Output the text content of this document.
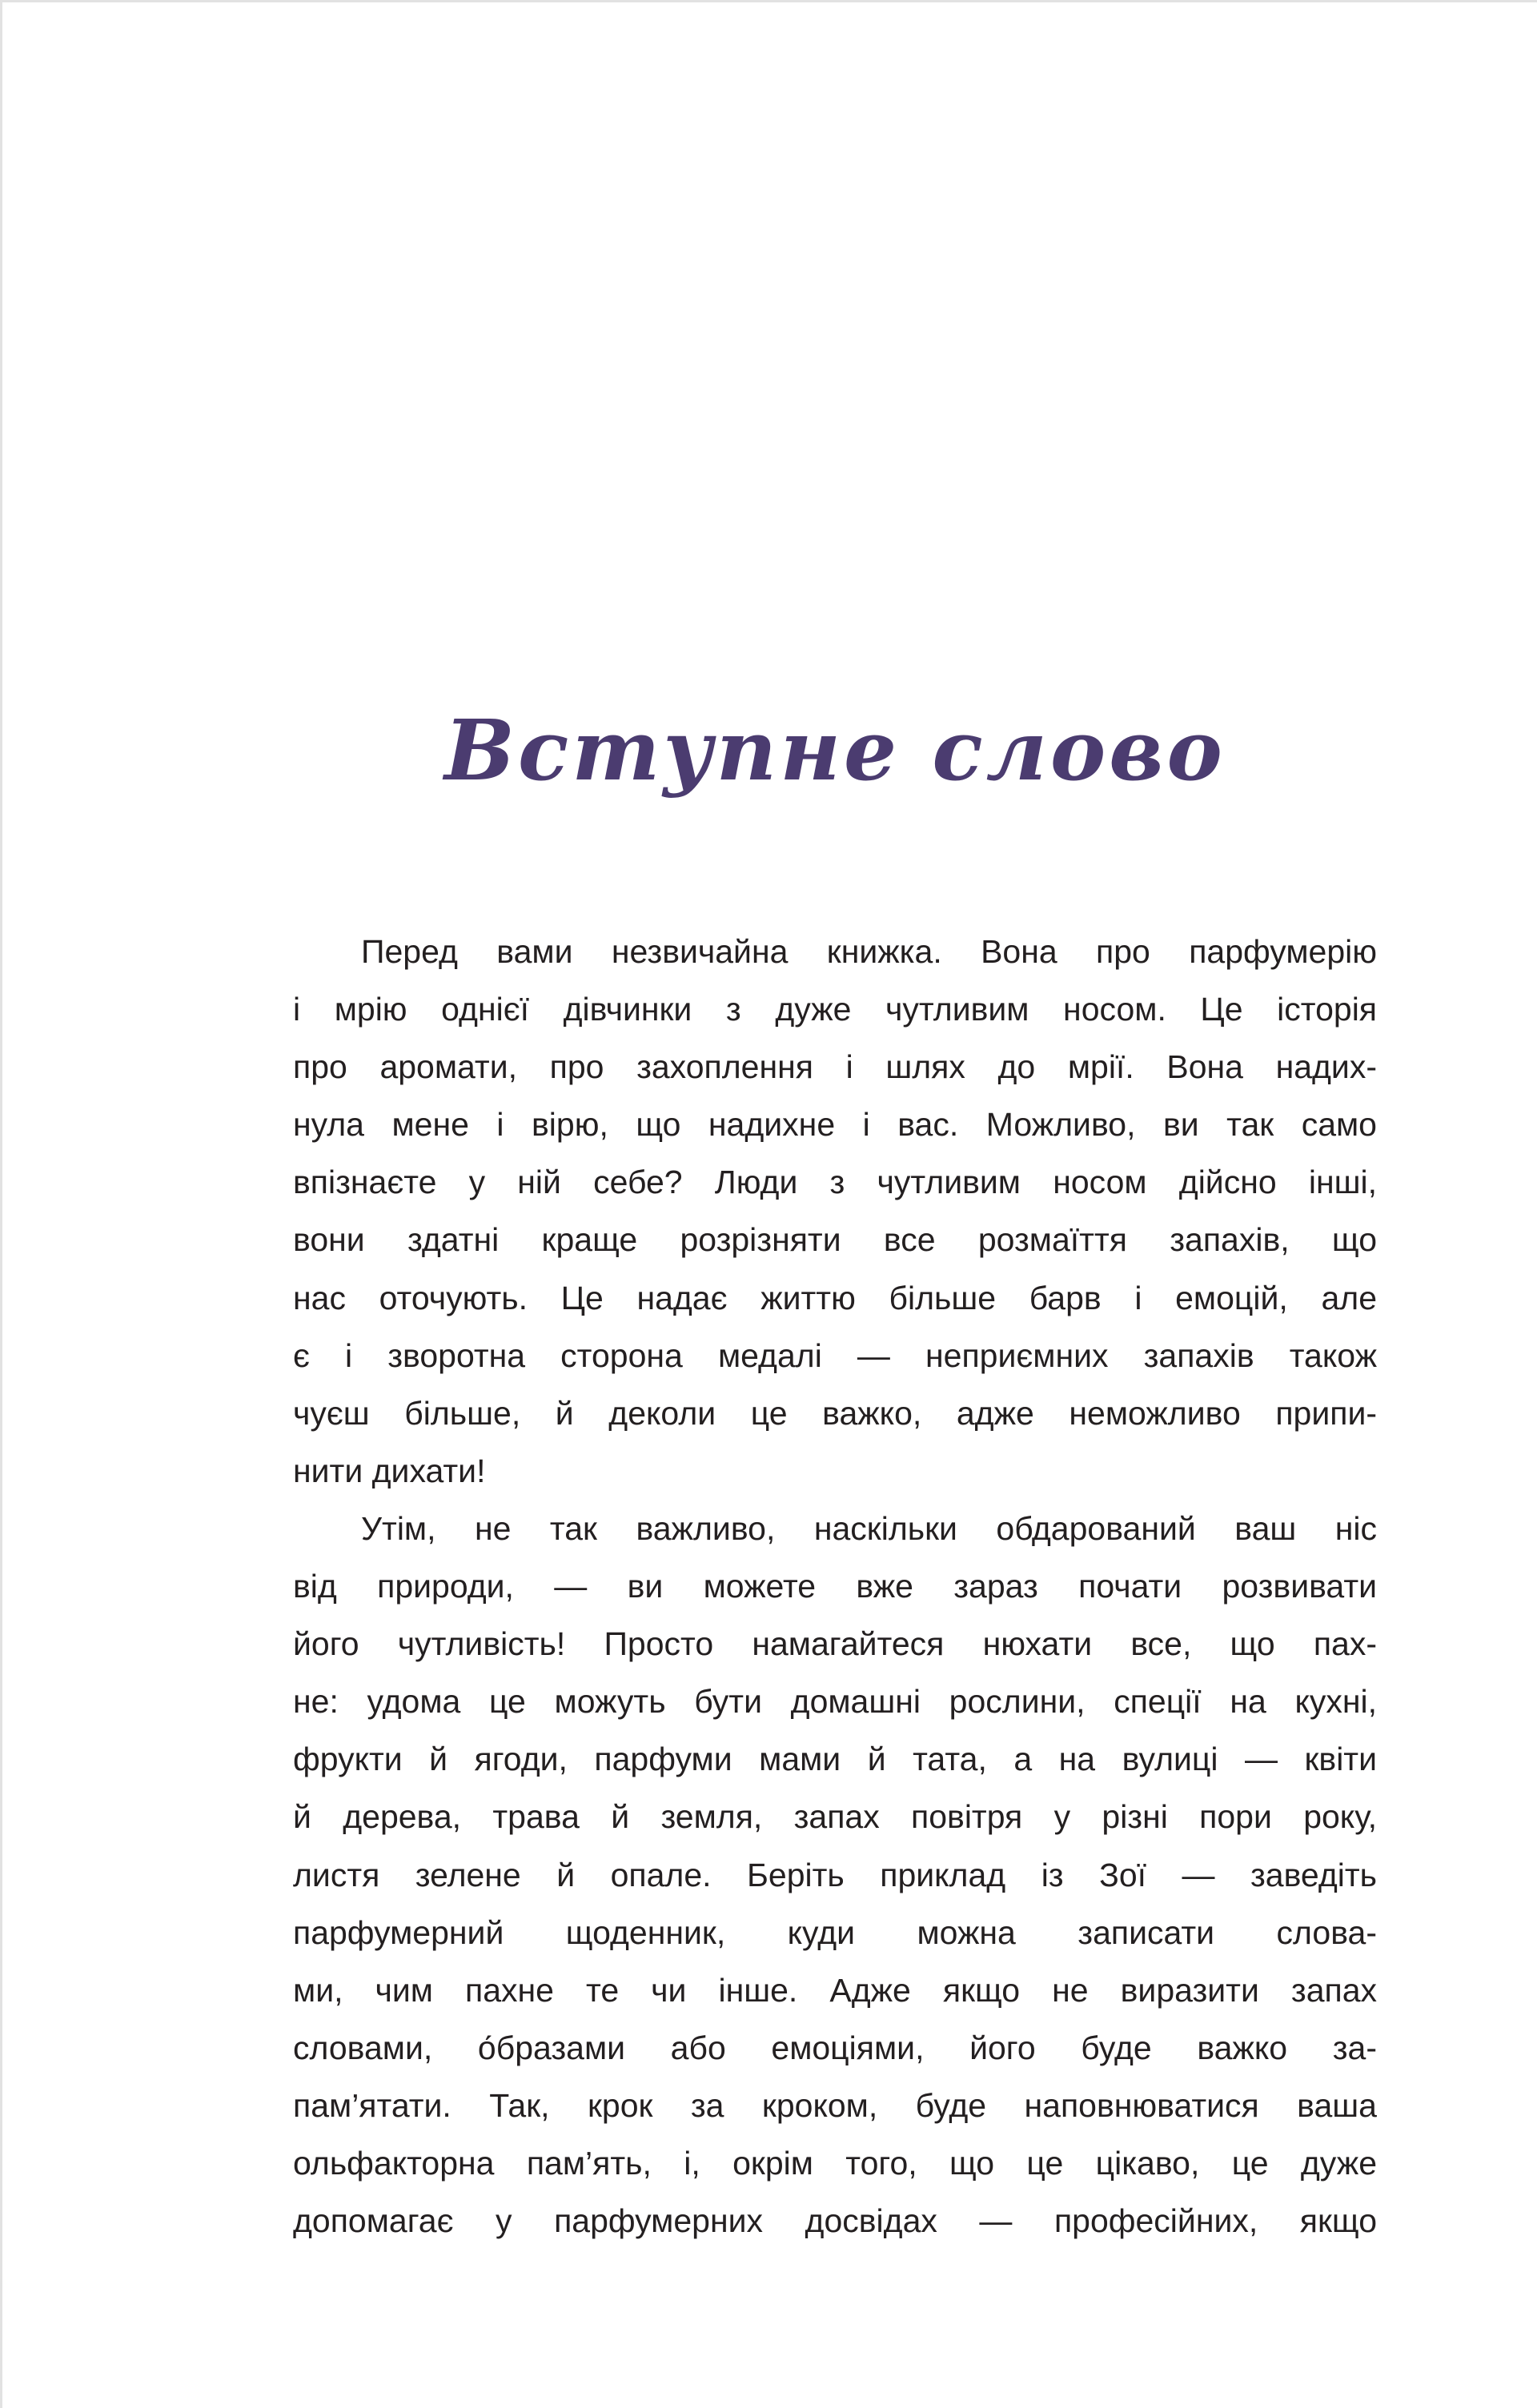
Вступне слово
Перед вами незвичайна книжка. Вона про парфумерію
і мрію однієї дівчинки з дуже чутливим носом. Це історія
про аромати, про захоплення і шлях до мрії. Вона надих-
нула мене і вірю, що надихне і вас. Можливо, ви так само
впізнаєте у ній себе? Люди з чутливим носом дійсно інші,
вони здатні краще розрізняти все розмаїття запахів, що
нас оточують. Це надає життю більше барв і емоцій, але
є і зворотна сторона медалі — неприємних запахів також
чуєш більше, й деколи це важко, адже неможливо припи-
нити дихати!
Утім, не так важливо, наскільки обдарований ваш ніс
від природи, — ви можете вже зараз почати розвивати
його чутливість! Просто намагайтеся нюхати все, що пах-
не: удома це можуть бути домашні рослини, спеції на кухні,
фрукти й ягоди, парфуми мами й тата, а на вулиці — квіти
й дерева, трава й земля, запах повітря у різні пори року,
листя зелене й опале. Беріть приклад із Зої — заведіть
парфумерний щоденник, куди можна записати слова-
ми, чим пахне те чи інше. Адже якщо не виразити запах
словами, о́бразами або емоціями, його буде важко за-
пам’ятати. Так, крок за кроком, буде наповнюватися ваша
ольфакторна пам’ять, і, окрім того, що це цікаво, це дуже
допомагає у парфумерних досвідах — професійних, якщо
